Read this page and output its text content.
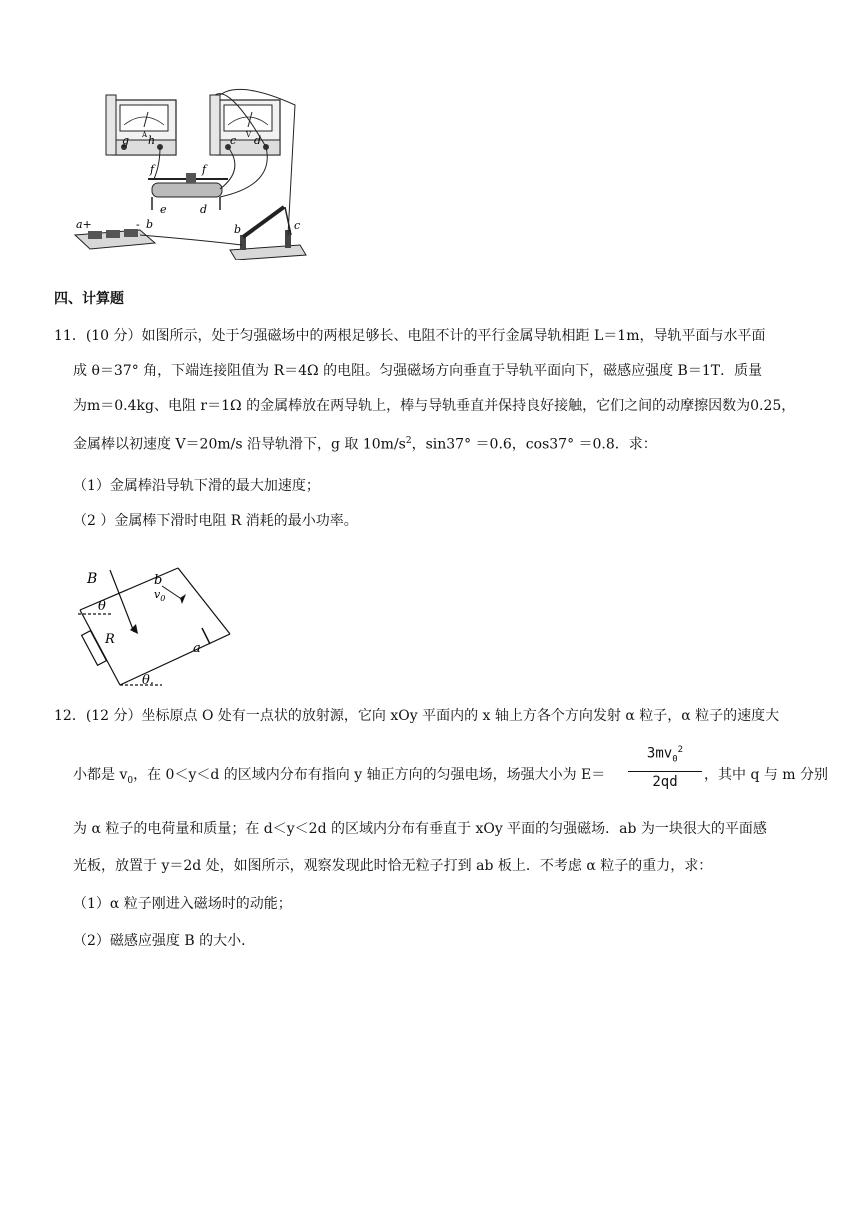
g h
A	V
c d
f	f
e	d
a+	- b	b	c
四、计算题
11．(10 分）如图所示，处于匀强磁场中的两根足够长、电阻不计的平行金属导轨相距 L＝1m，导轨平面与水平面
成 θ＝37° 角，下端连接阻值为 R＝4Ω 的电阻。匀强磁场方向垂直于导轨平面向下，磁感应强度 B＝1T．质量
为m＝0.4kg、电阻 r＝1Ω 的金属棒放在两导轨上，棒与导轨垂直并保持良好接触，它们之间的动摩擦因数为0.25，
金属棒以初速度 V＝20m/s 沿导轨滑下，g 取 $10m/s^2$，sin37° ＝0.6，cos37° ＝0.8．求：
（1）金属棒沿导轨下滑的最大加速度；
（2 ）金属棒下滑时电阻 R 消耗的最小功率。
B	b
$v_0$
θ
R
a
θ.
12．(12 分）坐标原点 O 处有一点状的放射源，它向 xOy 平面内的 x 轴上方各个方向发射 α 粒子，α 粒子的速度大
小都是 $v_0$，在 0＜y＜d 的区域内分布有指向 y 轴正方向的匀强电场，场强大小为 E＝
$3mv_0^2$
2qd	，其中 q 与 m 分别
为 α 粒子的电荷量和质量；在 d＜y＜2d 的区域内分布有垂直于 xOy 平面的匀强磁场．ab 为一块很大的平面感
光板，放置于 y＝2d 处，如图所示，观察发现此时恰无粒子打到 ab 板上．不考虑 α 粒子的重力，求：
（1）α 粒子刚进入磁场时的动能；
（2）磁感应强度 B 的大小．
